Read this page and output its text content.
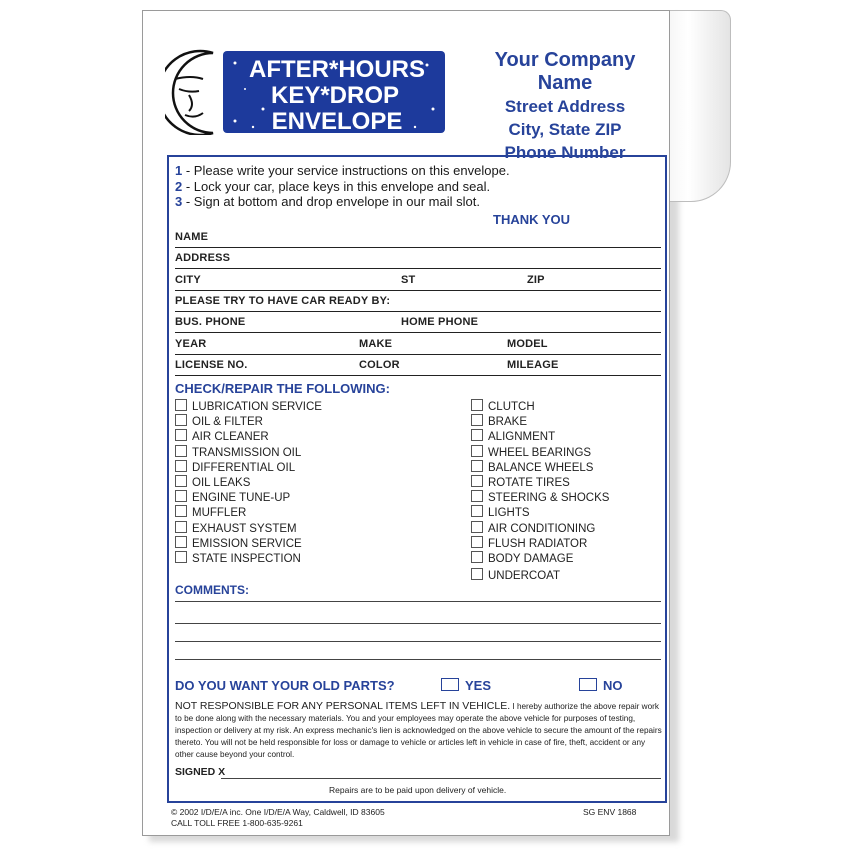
AFTER*HOURS
KEY*DROP
ENVELOPE
Your Company Name
Street Address
City, State ZIP
Phone Number
1 - Please write your service instructions on this envelope.
2 - Lock your car, place keys in this envelope and seal.
3 - Sign at bottom and drop envelope in our mail slot.
THANK YOU
NAME
ADDRESS
CITY	ST	ZIP
PLEASE TRY TO HAVE CAR READY BY:
BUS. PHONE	HOME PHONE
YEAR	MAKE	MODEL
LICENSE NO.	COLOR	MILEAGE
CHECK/REPAIR THE FOLLOWING:
LUBRICATION SERVICE
OIL & FILTER
AIR CLEANER
TRANSMISSION OIL
DIFFERENTIAL OIL
OIL LEAKS
ENGINE TUNE-UP
MUFFLER
EXHAUST SYSTEM
EMISSION SERVICE
STATE INSPECTION
CLUTCH
BRAKE
ALIGNMENT
WHEEL BEARINGS
BALANCE WHEELS
ROTATE TIRES
STEERING & SHOCKS
LIGHTS
AIR CONDITIONING
FLUSH RADIATOR
BODY DAMAGE
UNDERCOAT
COMMENTS:
DO YOU WANT YOUR OLD PARTS?	YES	NO
NOT RESPONSIBLE FOR ANY PERSONAL ITEMS LEFT IN VEHICLE. I hereby authorize the above repair work to be done along with the necessary materials. You and your employees may operate the above vehicle for purposes of testing, inspection or delivery at my risk. An express mechanic's lien is acknowledged on the above vehicle to secure the amount of the repairs thereto. You will not be held responsible for loss or damage to vehicle or articles left in vehicle in case of fire, theft, accident or any other cause beyond your control.
SIGNED X
Repairs are to be paid upon delivery of vehicle.
© 2002 I/D/E/A inc. One I/D/E/A Way, Caldwell, ID 83605
CALL TOLL FREE 1-800-635-9261
SG ENV 1868
